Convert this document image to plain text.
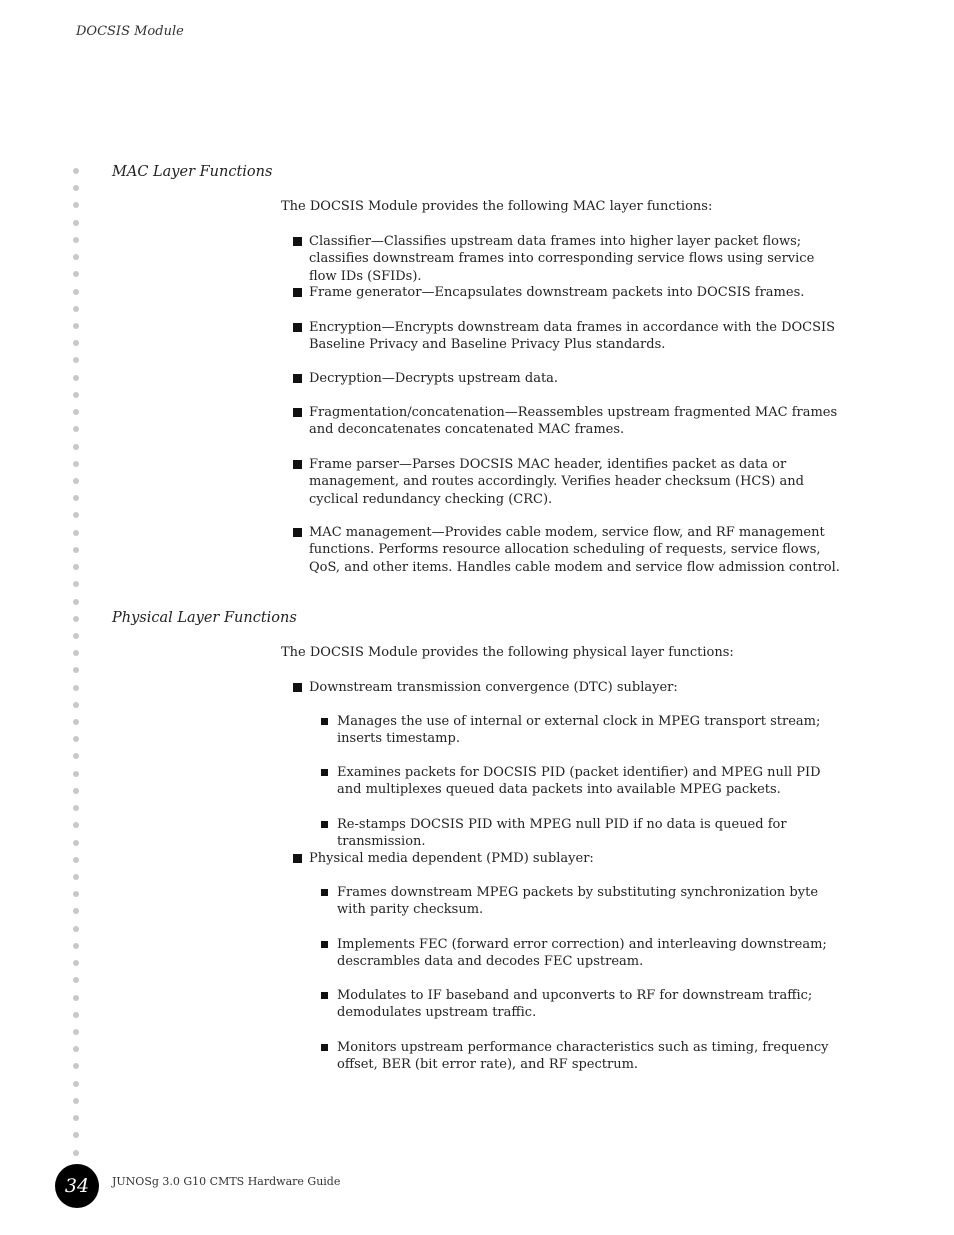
DOCSIS Module
MAC Layer Functions
The DOCSIS Module provides the following MAC layer functions:
Classifier—Classifies upstream data frames into higher layer packet flows; classifies downstream frames into corresponding service flows using service flow IDs (SFIDs).
Frame generator—Encapsulates downstream packets into DOCSIS frames.
Encryption—Encrypts downstream data frames in accordance with the DOCSIS Baseline Privacy and Baseline Privacy Plus standards.
Decryption—Decrypts upstream data.
Fragmentation/concatenation—Reassembles upstream fragmented MAC frames and deconcatenates concatenated MAC frames.
Frame parser—Parses DOCSIS MAC header, identifies packet as data or management, and routes accordingly. Verifies header checksum (HCS) and cyclical redundancy checking (CRC).
MAC management—Provides cable modem, service flow, and RF management functions. Performs resource allocation scheduling of requests, service flows, QoS, and other items. Handles cable modem and service flow admission control.
Physical Layer Functions
The DOCSIS Module provides the following physical layer functions:
Downstream transmission convergence (DTC) sublayer:
Manages the use of internal or external clock in MPEG transport stream; inserts timestamp.
Examines packets for DOCSIS PID (packet identifier) and MPEG null PID and multiplexes queued data packets into available MPEG packets.
Re-stamps DOCSIS PID with MPEG null PID if no data is queued for transmission.
Physical media dependent (PMD) sublayer:
Frames downstream MPEG packets by substituting synchronization byte with parity checksum.
Implements FEC (forward error correction) and interleaving downstream; descrambles data and decodes FEC upstream.
Modulates to IF baseband and upconverts to RF for downstream traffic; demodulates upstream traffic.
Monitors upstream performance characteristics such as timing, frequency offset, BER (bit error rate), and RF spectrum.
34	JUNOSg 3.0 G10 CMTS Hardware Guide
